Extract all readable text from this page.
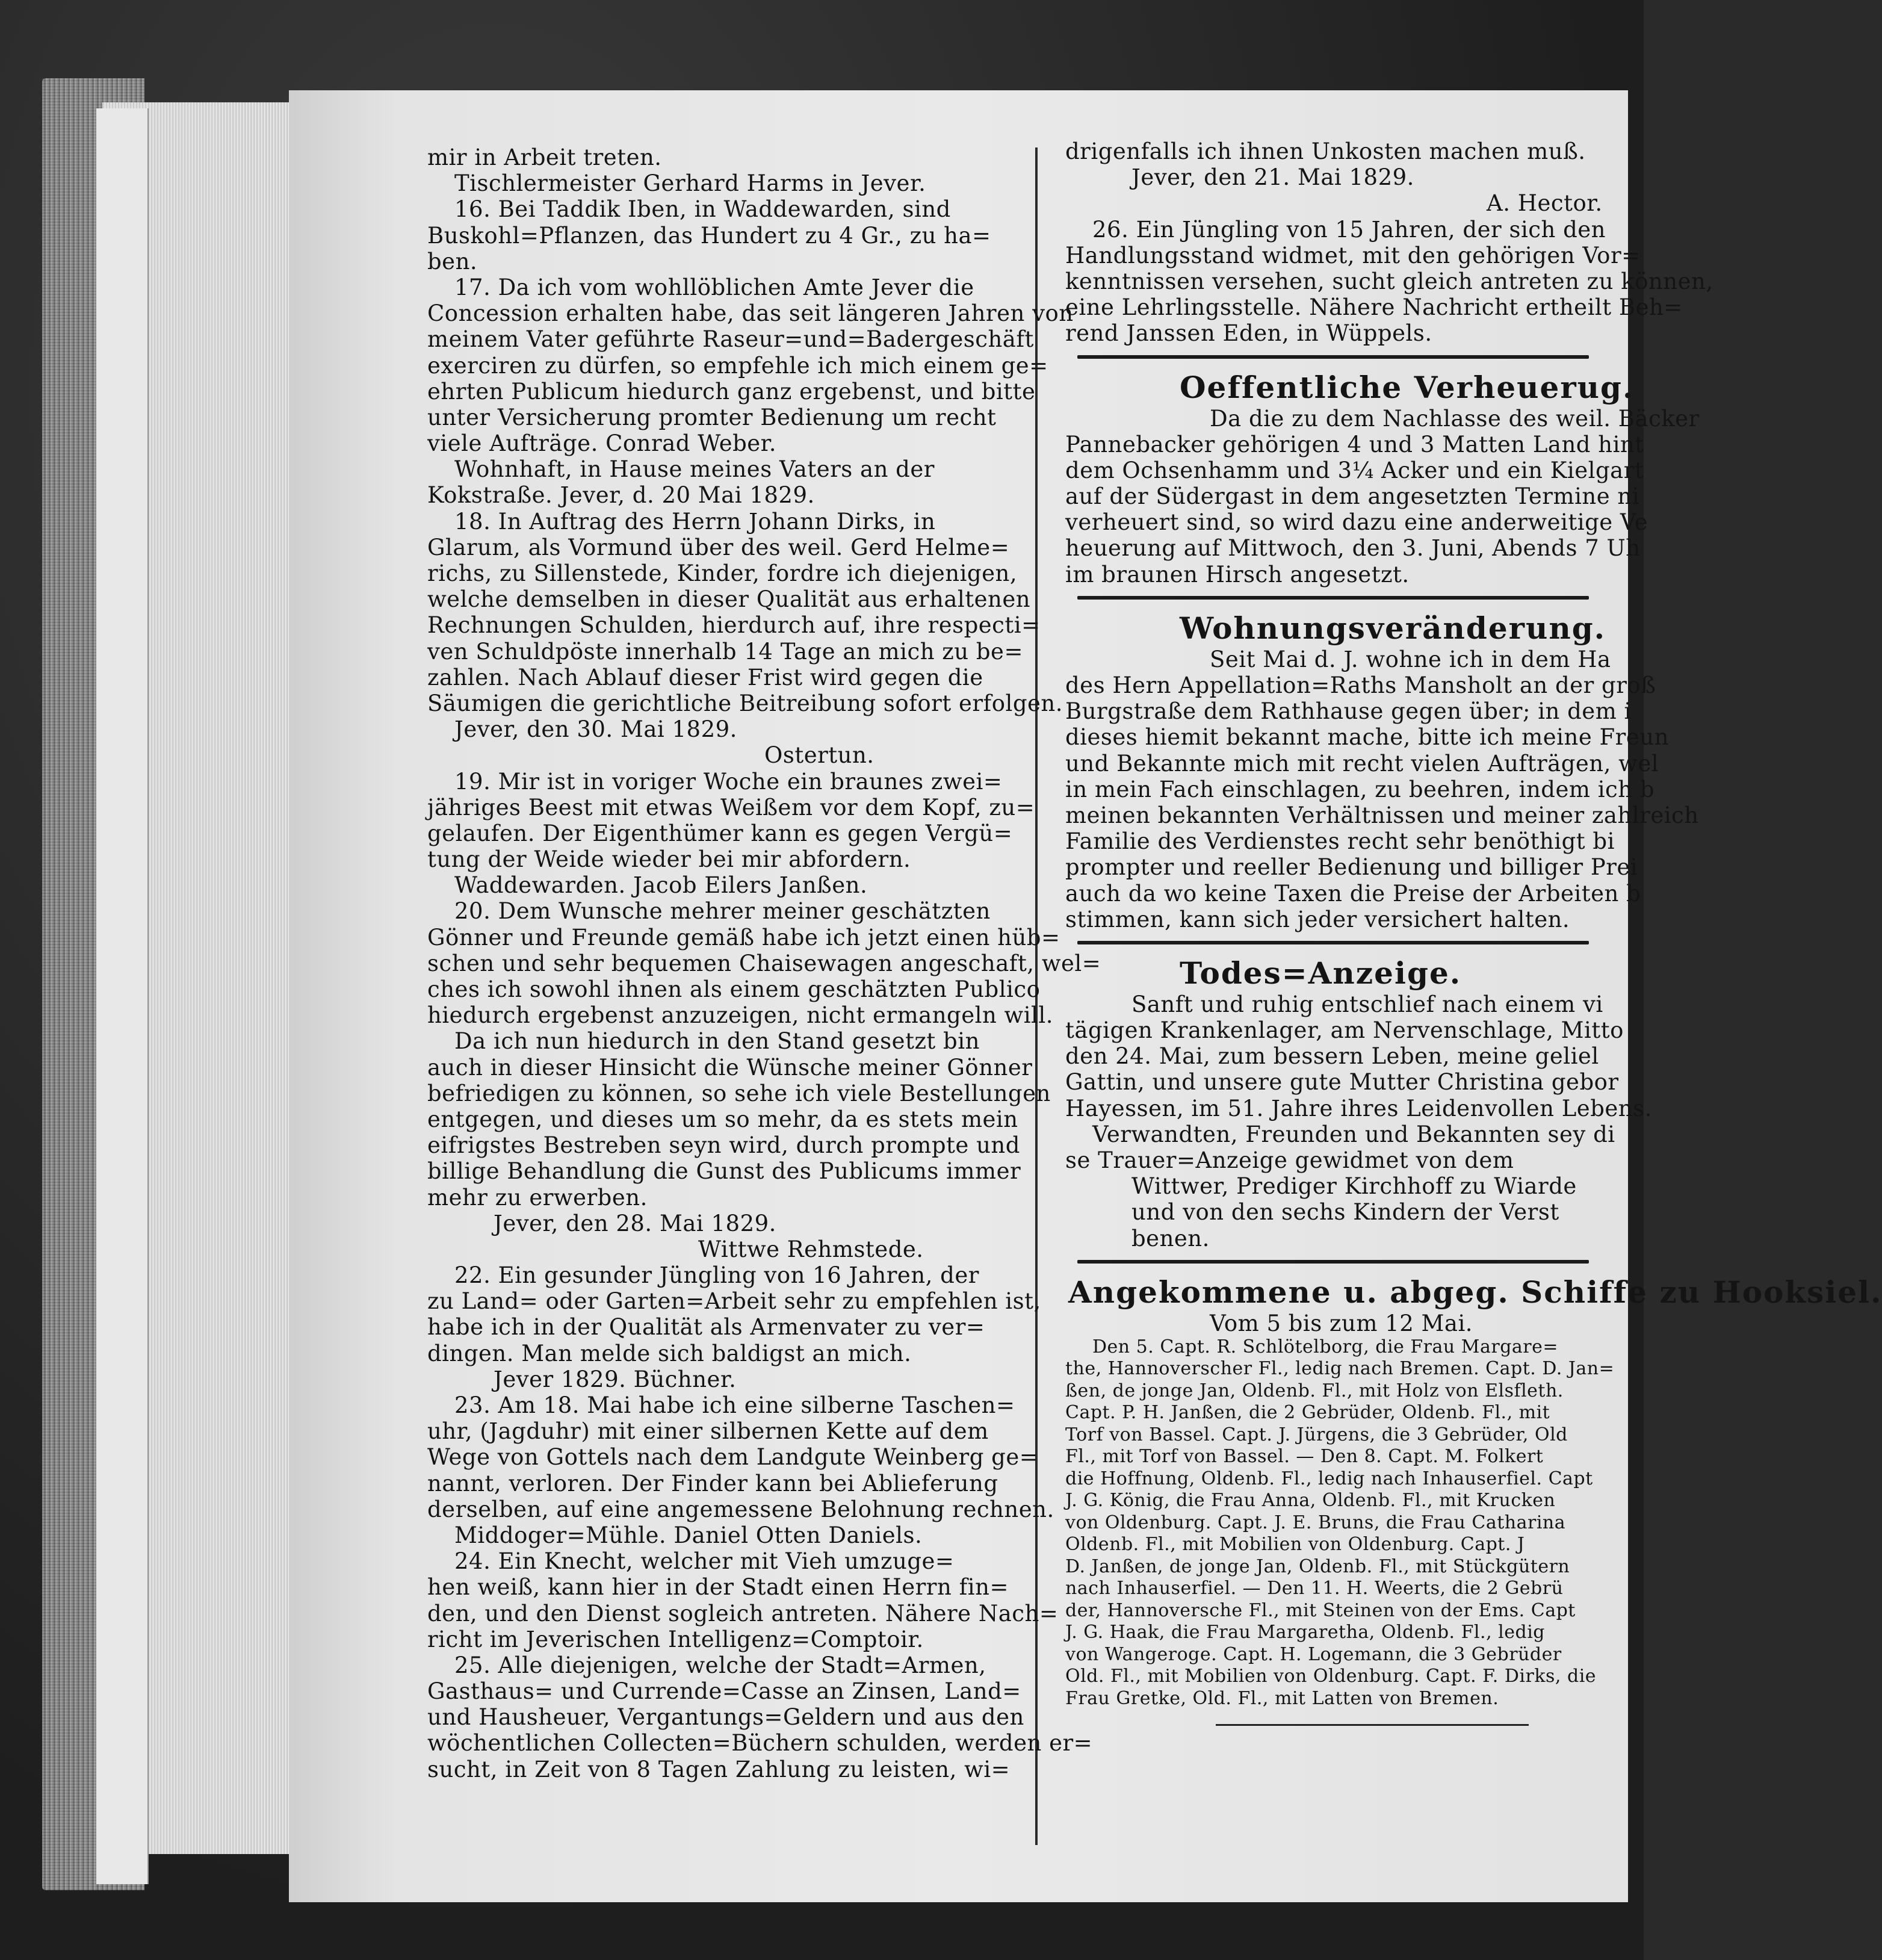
mir in Arbeit treten.
Tischlermeister Gerhard Harms in Jever.
16. Bei Taddik Iben, in Waddewarden, sind
Buskohl=Pflanzen, das Hundert zu 4 Gr., zu ha=
ben.
17. Da ich vom wohllöblichen Amte Jever die
Concession erhalten habe, das seit längeren Jahren von
meinem Vater geführte Raseur=und=Badergeschäft
exerciren zu dürfen, so empfehle ich mich einem ge=
ehrten Publicum hiedurch ganz ergebenst, und bitte
unter Versicherung promter Bedienung um recht
viele Aufträge. Conrad Weber.
Wohnhaft, in Hause meines Vaters an der
Kokstraße. Jever, d. 20 Mai 1829.
18. In Auftrag des Herrn Johann Dirks, in
Glarum, als Vormund über des weil. Gerd Helme=
richs, zu Sillenstede, Kinder, fordre ich diejenigen,
welche demselben in dieser Qualität aus erhaltenen
Rechnungen Schulden, hierdurch auf, ihre respecti=
ven Schuldpöste innerhalb 14 Tage an mich zu be=
zahlen. Nach Ablauf dieser Frist wird gegen die
Säumigen die gerichtliche Beitreibung sofort erfolgen.
Jever, den 30. Mai 1829.
Ostertun.
19. Mir ist in voriger Woche ein braunes zwei=
jähriges Beest mit etwas Weißem vor dem Kopf, zu=
gelaufen. Der Eigenthümer kann es gegen Vergü=
tung der Weide wieder bei mir abfordern.
Waddewarden. Jacob Eilers Janßen.
20. Dem Wunsche mehrer meiner geschätzten
Gönner und Freunde gemäß habe ich jetzt einen hüb=
schen und sehr bequemen Chaisewagen angeschaft, wel=
ches ich sowohl ihnen als einem geschätzten Publico
hiedurch ergebenst anzuzeigen, nicht ermangeln will.
Da ich nun hiedurch in den Stand gesetzt bin
auch in dieser Hinsicht die Wünsche meiner Gönner
befriedigen zu können, so sehe ich viele Bestellungen
entgegen, und dieses um so mehr, da es stets mein
eifrigstes Bestreben seyn wird, durch prompte und
billige Behandlung die Gunst des Publicums immer
mehr zu erwerben.
Jever, den 28. Mai 1829.
Wittwe Rehmstede.
22. Ein gesunder Jüngling von 16 Jahren, der
zu Land= oder Garten=Arbeit sehr zu empfehlen ist,
habe ich in der Qualität als Armenvater zu ver=
dingen. Man melde sich baldigst an mich.
Jever 1829. Büchner.
23. Am 18. Mai habe ich eine silberne Taschen=
uhr, (Jagduhr) mit einer silbernen Kette auf dem
Wege von Gottels nach dem Landgute Weinberg ge=
nannt, verloren. Der Finder kann bei Ablieferung
derselben, auf eine angemessene Belohnung rechnen.
Middoger=Mühle. Daniel Otten Daniels.
24. Ein Knecht, welcher mit Vieh umzuge=
hen weiß, kann hier in der Stadt einen Herrn fin=
den, und den Dienst sogleich antreten. Nähere Nach=
richt im Jeverischen Intelligenz=Comptoir.
25. Alle diejenigen, welche der Stadt=Armen,
Gasthaus= und Currende=Casse an Zinsen, Land=
und Hausheuer, Vergantungs=Geldern und aus den
wöchentlichen Collecten=Büchern schulden, werden er=
sucht, in Zeit von 8 Tagen Zahlung zu leisten, wi=
drigenfalls ich ihnen Unkosten machen muß.
Jever, den 21. Mai 1829.
A. Hector.
26. Ein Jüngling von 15 Jahren, der sich den
Handlungsstand widmet, mit den gehörigen Vor=
kenntnissen versehen, sucht gleich antreten zu können,
eine Lehrlingsstelle. Nähere Nachricht ertheilt Beh=
rend Janssen Eden, in Wüppels.
Oeffentliche Verheuerug.
Da die zu dem Nachlasse des weil. Bäcker
Pannebacker gehörigen 4 und 3 Matten Land hint
dem Ochsenhamm und 3¼ Acker und ein Kielgart
auf der Südergast in dem angesetzten Termine ni
verheuert sind, so wird dazu eine anderweitige Ve
heuerung auf Mittwoch, den 3. Juni, Abends 7 Uh
im braunen Hirsch angesetzt.
Wohnungsveränderung.
Seit Mai d. J. wohne ich in dem Ha
des Hern Appellation=Raths Mansholt an der groß
Burgstraße dem Rathhause gegen über; in dem i
dieses hiemit bekannt mache, bitte ich meine Freun
und Bekannte mich mit recht vielen Aufträgen, wel
in mein Fach einschlagen, zu beehren, indem ich b
meinen bekannten Verhältnissen und meiner zahlreich
Familie des Verdienstes recht sehr benöthigt bi
prompter und reeller Bedienung und billiger Prei
auch da wo keine Taxen die Preise der Arbeiten b
stimmen, kann sich jeder versichert halten.
Todes=Anzeige.
Sanft und ruhig entschlief nach einem vi
tägigen Krankenlager, am Nervenschlage, Mitto
den 24. Mai, zum bessern Leben, meine geliel
Gattin, und unsere gute Mutter Christina gebor
Hayessen, im 51. Jahre ihres Leidenvollen Lebens.
Verwandten, Freunden und Bekannten sey di
se Trauer=Anzeige gewidmet von dem
Wittwer, Prediger Kirchhoff zu Wiarde
und von den sechs Kindern der Verst
benen.
Angekommene u. abgeg. Schiffe zu Hooksiel.
Vom 5 bis zum 12 Mai.
Den 5. Capt. R. Schlötelborg, die Frau Margare=
the, Hannoverscher Fl., ledig nach Bremen. Capt. D. Jan=
ßen, de jonge Jan, Oldenb. Fl., mit Holz von Elsfleth.
Capt. P. H. Janßen, die 2 Gebrüder, Oldenb. Fl., mit
Torf von Bassel. Capt. J. Jürgens, die 3 Gebrüder, Old
Fl., mit Torf von Bassel. — Den 8. Capt. M. Folkert
die Hoffnung, Oldenb. Fl., ledig nach Inhauserfiel. Capt
J. G. König, die Frau Anna, Oldenb. Fl., mit Krucken
von Oldenburg. Capt. J. E. Bruns, die Frau Catharina
Oldenb. Fl., mit Mobilien von Oldenburg. Capt. J
D. Janßen, de jonge Jan, Oldenb. Fl., mit Stückgütern
nach Inhauserfiel. — Den 11. H. Weerts, die 2 Gebrü
der, Hannoversche Fl., mit Steinen von der Ems. Capt
J. G. Haak, die Frau Margaretha, Oldenb. Fl., ledig
von Wangeroge. Capt. H. Logemann, die 3 Gebrüder
Old. Fl., mit Mobilien von Oldenburg. Capt. F. Dirks, die
Frau Gretke, Old. Fl., mit Latten von Bremen.
